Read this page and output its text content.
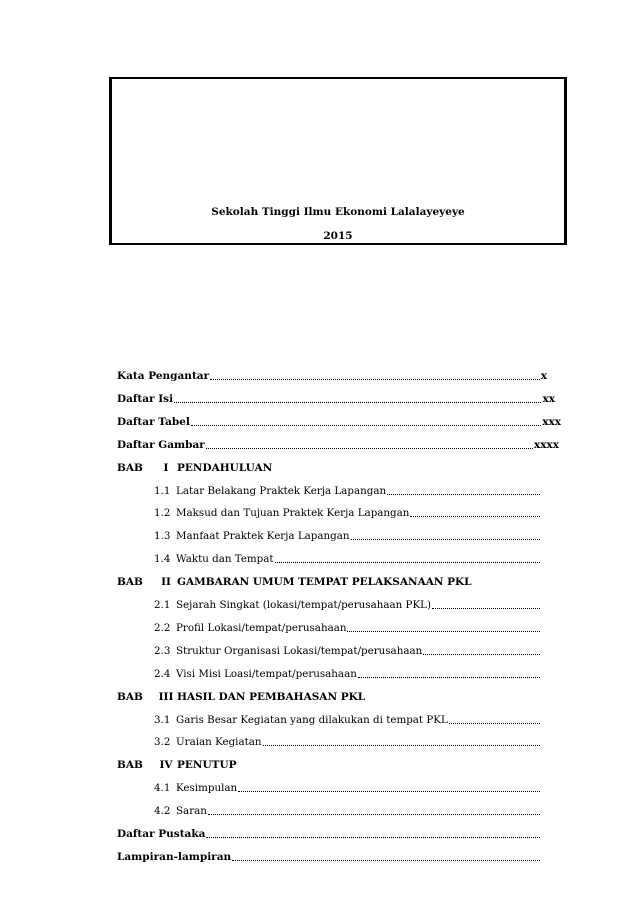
Sekolah Tinggi Ilmu Ekonomi Lalalayeyeye
2015
Kata Pengantar	x
Daftar Isi	xx
Daftar Tabel	xxx
Daftar Gambar	xxxx
BAB I PENDAHULUAN
1.1 Latar Belakang Praktek Kerja Lapangan
1.2 Maksud dan Tujuan Praktek Kerja Lapangan
1.3 Manfaat Praktek Kerja Lapangan
1.4 Waktu dan Tempat
BAB II GAMBARAN UMUM TEMPAT PELAKSANAAN PKL
2.1 Sejarah Singkat (lokasi/tempat/perusahaan PKL)
2.2 Profil Lokasi/tempat/perusahaan
2.3 Struktur Organisasi Lokasi/tempat/perusahaan
2.4 Visi Misi Loasi/tempat/perusahaan
BAB III HASIL DAN PEMBAHASAN PKL
3.1 Garis Besar Kegiatan yang dilakukan di tempat PKL
3.2 Uraian Kegiatan
BAB IV PENUTUP
4.1 Kesimpulan
4.2 Saran
Daftar Pustaka
Lampiran-lampiran
